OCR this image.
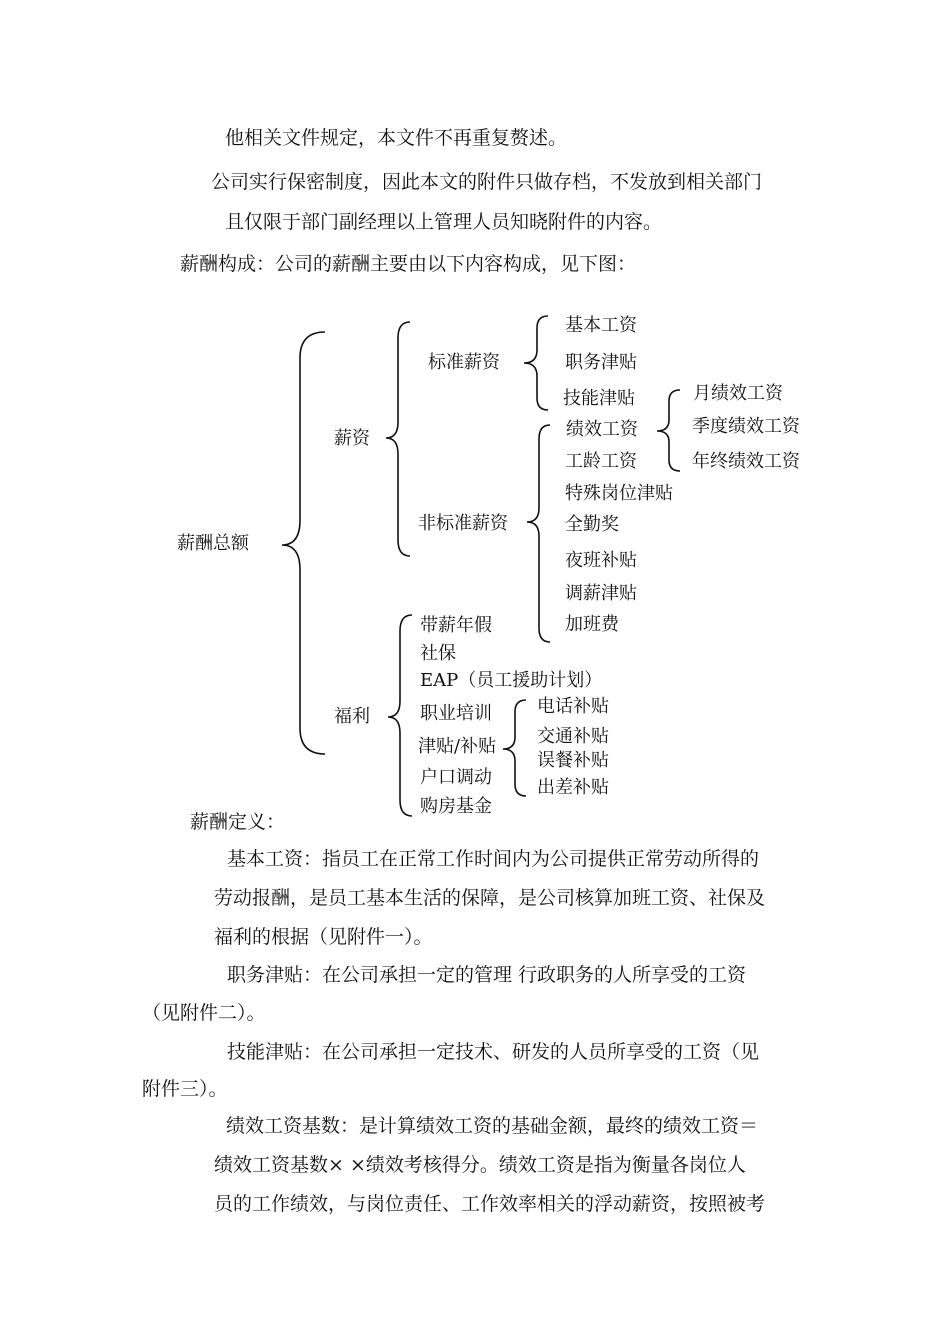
他相关文件规定，本文件不再重复赘述。
公司实行保密制度，因此本文的附件只做存档，不发放到相关部门
且仅限于部门副经理以上管理人员知晓附件的内容。
薪酬构成：公司的薪酬主要由以下内容构成，见下图：
薪酬总额
薪资
福利
标准薪资
非标准薪资
基本工资
职务津贴
技能津贴	月绩效工资
季度绩效工资
年终绩效工资
绩效工资
工龄工资
特殊岗位津贴
全勤奖
夜班补贴
调薪津贴
加班费
带薪年假
社保
EAP（员工援助计划）
职业培训
津贴/补贴
户口调动
购房基金
电话补贴
交通补贴
误餐补贴
出差补贴
薪酬定义：
基本工资：指员工在正常工作时间内为公司提供正常劳动所得的
劳动报酬，是员工基本生活的保障，是公司核算加班工资、社保及
福利的根据（见附件一）。
职务津贴：在公司承担一定的管理 行政职务的人所享受的工资
（见附件二）。
技能津贴：在公司承担一定技术、研发的人员所享受的工资（见
附件三）。
绩效工资基数：是计算绩效工资的基础金额，最终的绩效工资＝
绩效工资基数× ×绩效考核得分。绩效工资是指为衡量各岗位人
员的工作绩效，与岗位责任、工作效率相关的浮动薪资，按照被考
